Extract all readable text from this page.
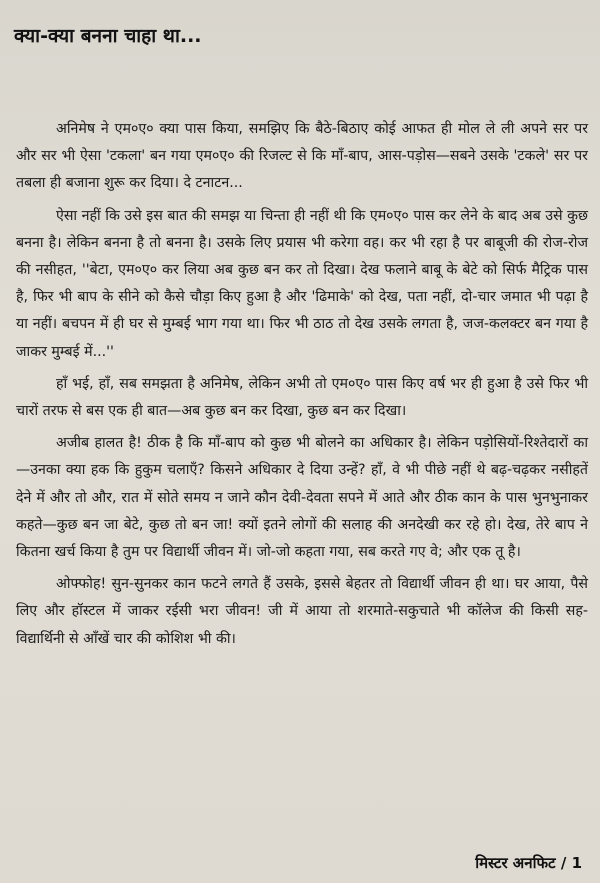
क्या-क्या बनना चाहा था...

अनिमेष ने एम०ए० क्या पास किया, समझिए कि बैठे-बिठाए कोई आफत ही मोल ले ली अपने सर पर और सर भी ऐसा 'टकला' बन गया एम०ए० की रिजल्ट से कि माँ-बाप, आस-पड़ोस—सबने उसके 'टकले' सर पर तबला ही बजाना शुरू कर दिया। दे टनाटन...

ऐसा नहीं कि उसे इस बात की समझ या चिन्ता ही नहीं थी कि एम०ए० पास कर लेने के बाद अब उसे कुछ बनना है। लेकिन बनना है तो बनना है। उसके लिए प्रयास भी करेगा वह। कर भी रहा है पर बाबूजी की रोज-रोज की नसीहत, ''बेटा, एम०ए० कर लिया अब कुछ बन कर तो दिखा। देख फलाने बाबू के बेटे को सिर्फ मैट्रिक पास है, फिर भी बाप के सीने को कैसे चौड़ा किए हुआ है और 'ढिमाके' को देख, पता नहीं, दो-चार जमात भी पढ़ा है या नहीं। बचपन में ही घर से मुम्बई भाग गया था। फिर भी ठाठ तो देख उसके लगता है, जज-कलक्टर बन गया है जाकर मुम्बई में...''

हाँ भई, हाँ, सब समझता है अनिमेष, लेकिन अभी तो एम०ए० पास किए वर्ष भर ही हुआ है उसे फिर भी चारों तरफ से बस एक ही बात—अब कुछ बन कर दिखा, कुछ बन कर दिखा।

अजीब हालत है! ठीक है कि माँ-बाप को कुछ भी बोलने का अधिकार है। लेकिन पड़ोसियों-रिश्तेदारों का—उनका क्या हक कि हुकुम चलाएँ? किसने अधिकार दे दिया उन्हें? हाँ, वे भी पीछे नहीं थे बढ़-चढ़कर नसीहतें देने में और तो और, रात में सोते समय न जाने कौन देवी-देवता सपने में आते और ठीक कान के पास भुनभुनाकर कहते—कुछ बन जा बेटे, कुछ तो बन जा! क्यों इतने लोगों की सलाह की अनदेखी कर रहे हो। देख, तेरे बाप ने कितना खर्च किया है तुम पर विद्यार्थी जीवन में। जो-जो कहता गया, सब करते गए वे; और एक तू है।

ओफ्फोह! सुन-सुनकर कान फटने लगते हैं उसके, इससे बेहतर तो विद्यार्थी जीवन ही था। घर आया, पैसे लिए और हॉस्टल में जाकर रईसी भरा जीवन! जी में आया तो शरमाते-सकुचाते भी कॉलेज की किसी सह-विद्यार्थिनी से आँखें चार की कोशिश भी की।

मिस्टर अनफिट / 1
